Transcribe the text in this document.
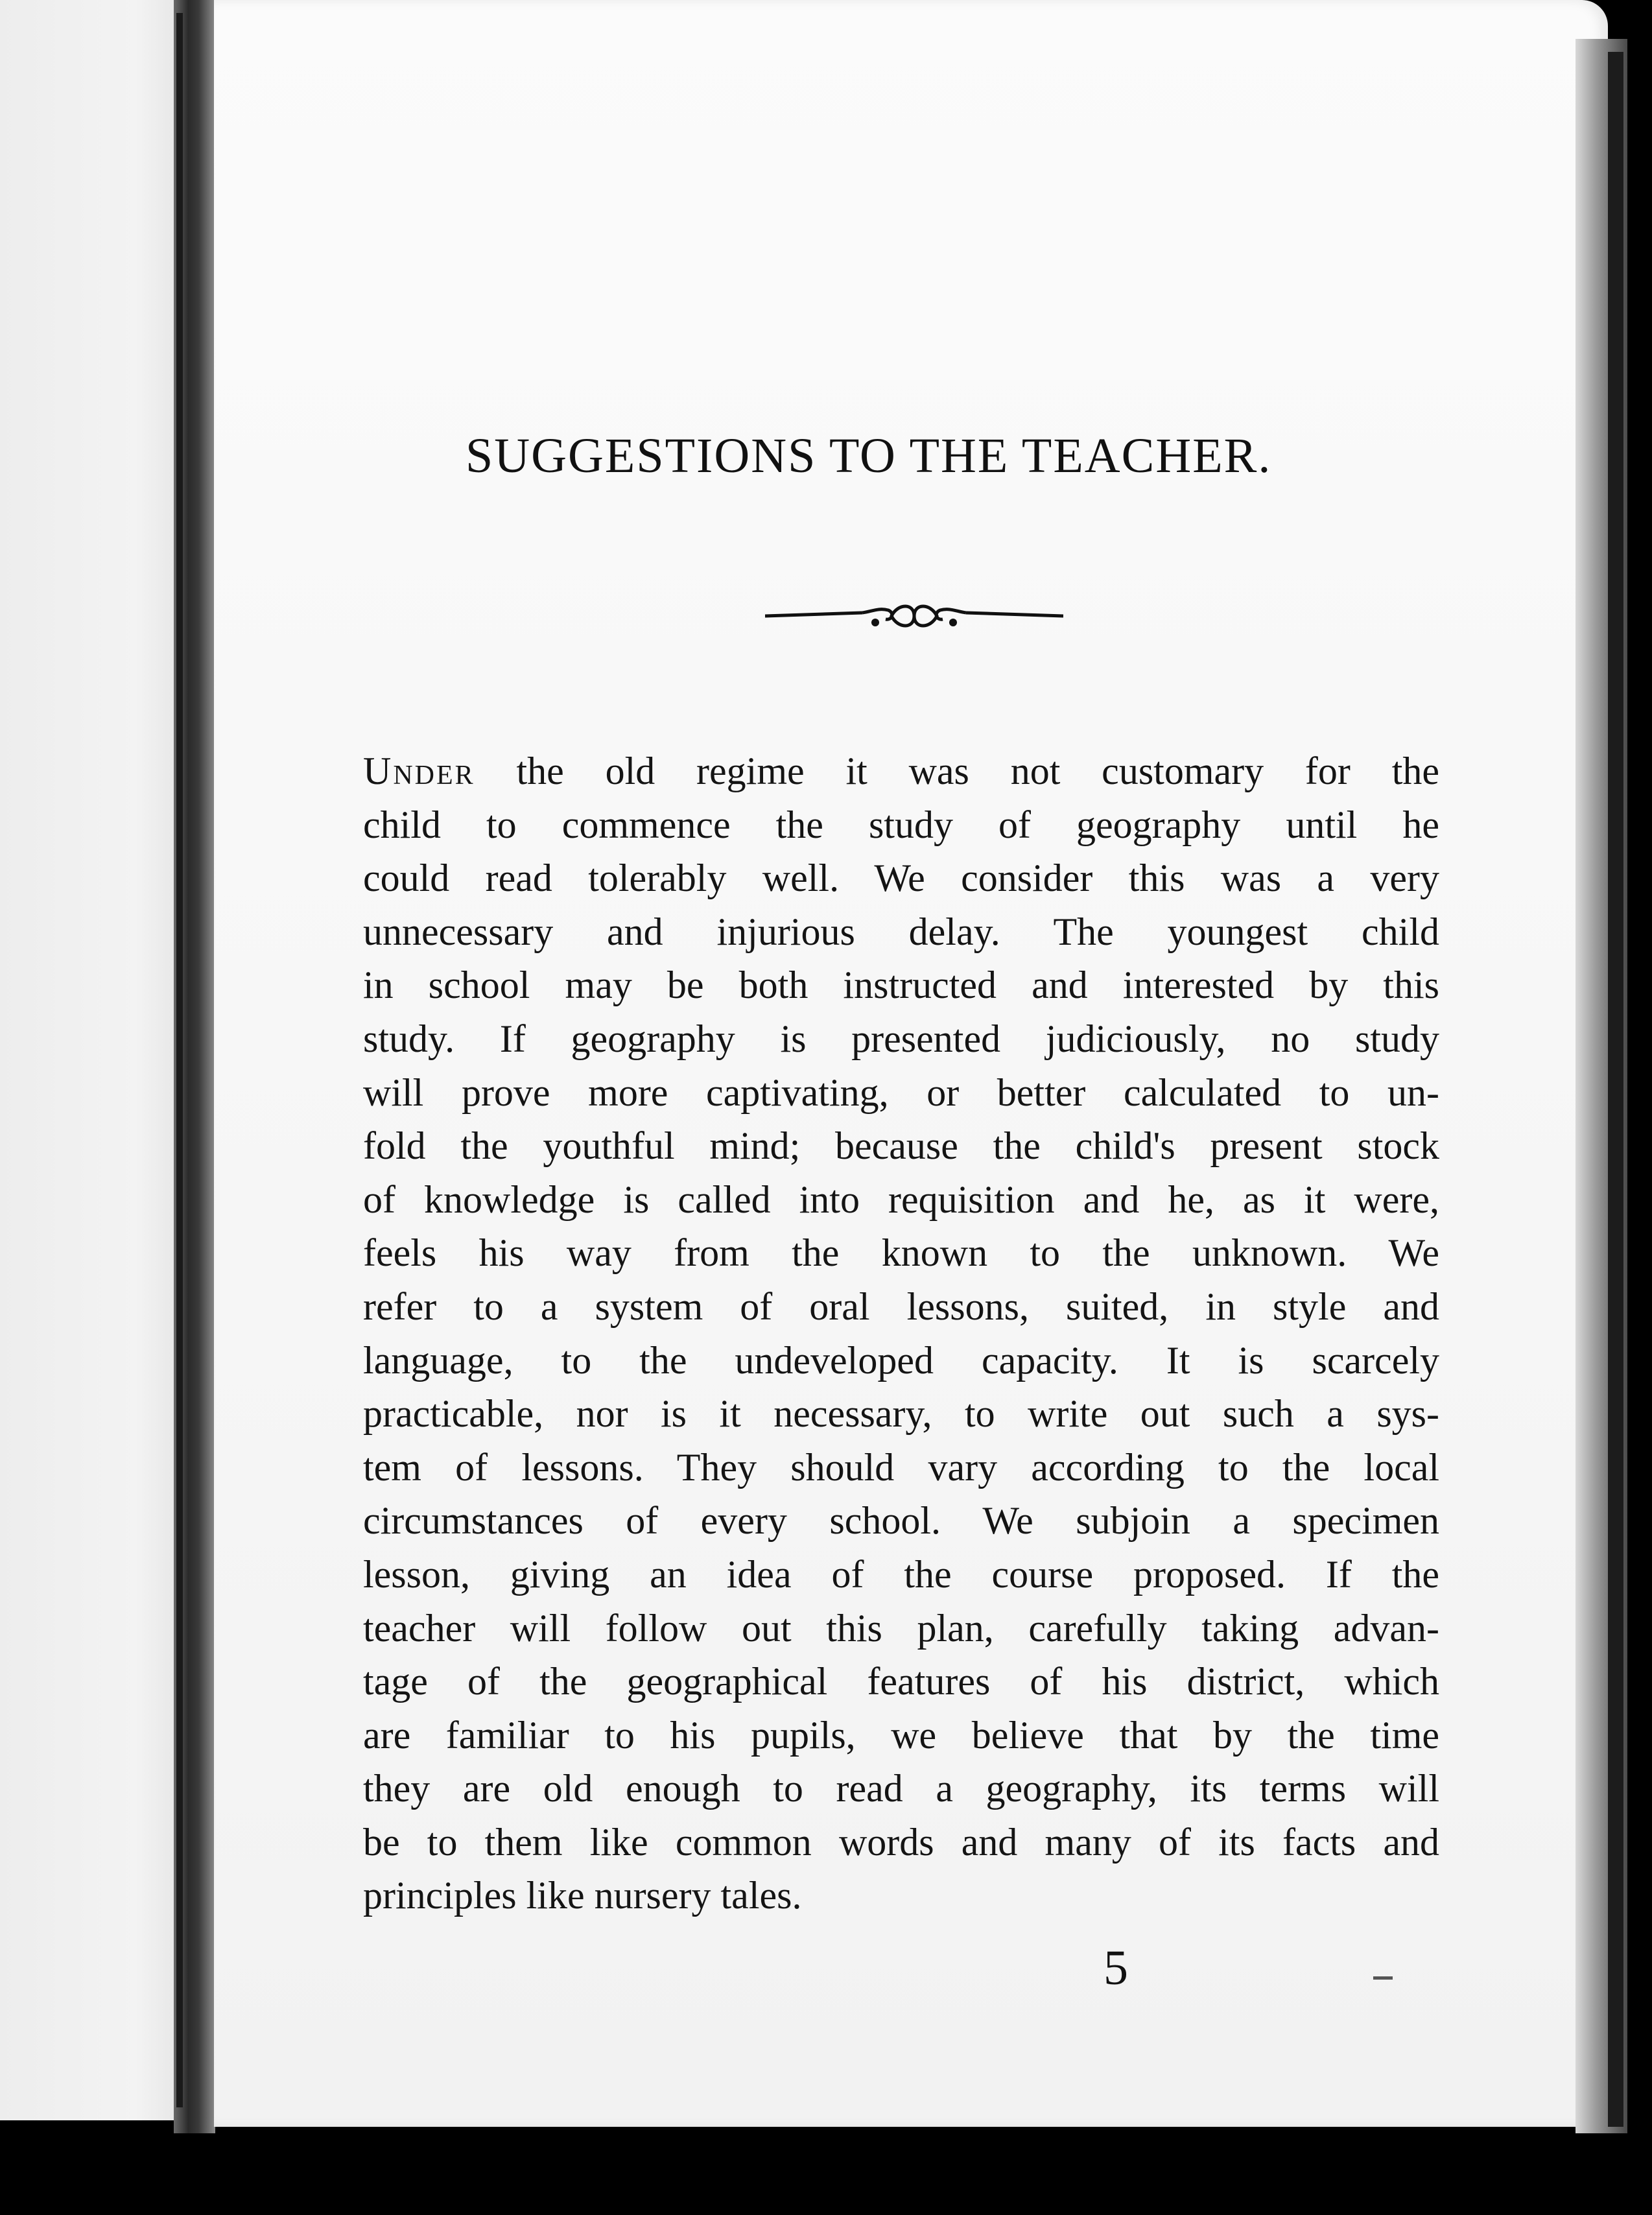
SUGGESTIONS TO THE TEACHER.
Under the old regime it was not customary for the
child to commence the study of geography until he
could read tolerably well. We consider this was a very
unnecessary and injurious delay. The youngest child
in school may be both instructed and interested by this
study. If geography is presented judiciously, no study
will prove more captivating, or better calculated to un-
fold the youthful mind; because the child's present stock
of knowledge is called into requisition and he, as it were,
feels his way from the known to the unknown. We
refer to a system of oral lessons, suited, in style and
language, to the undeveloped capacity. It is scarcely
practicable, nor is it necessary, to write out such a sys-
tem of lessons. They should vary according to the local
circumstances of every school. We subjoin a specimen
lesson, giving an idea of the course proposed. If the
teacher will follow out this plan, carefully taking advan-
tage of the geographical features of his district, which
are familiar to his pupils, we believe that by the time
they are old enough to read a geography, its terms will
be to them like common words and many of its facts and
principles like nursery tales.
5
